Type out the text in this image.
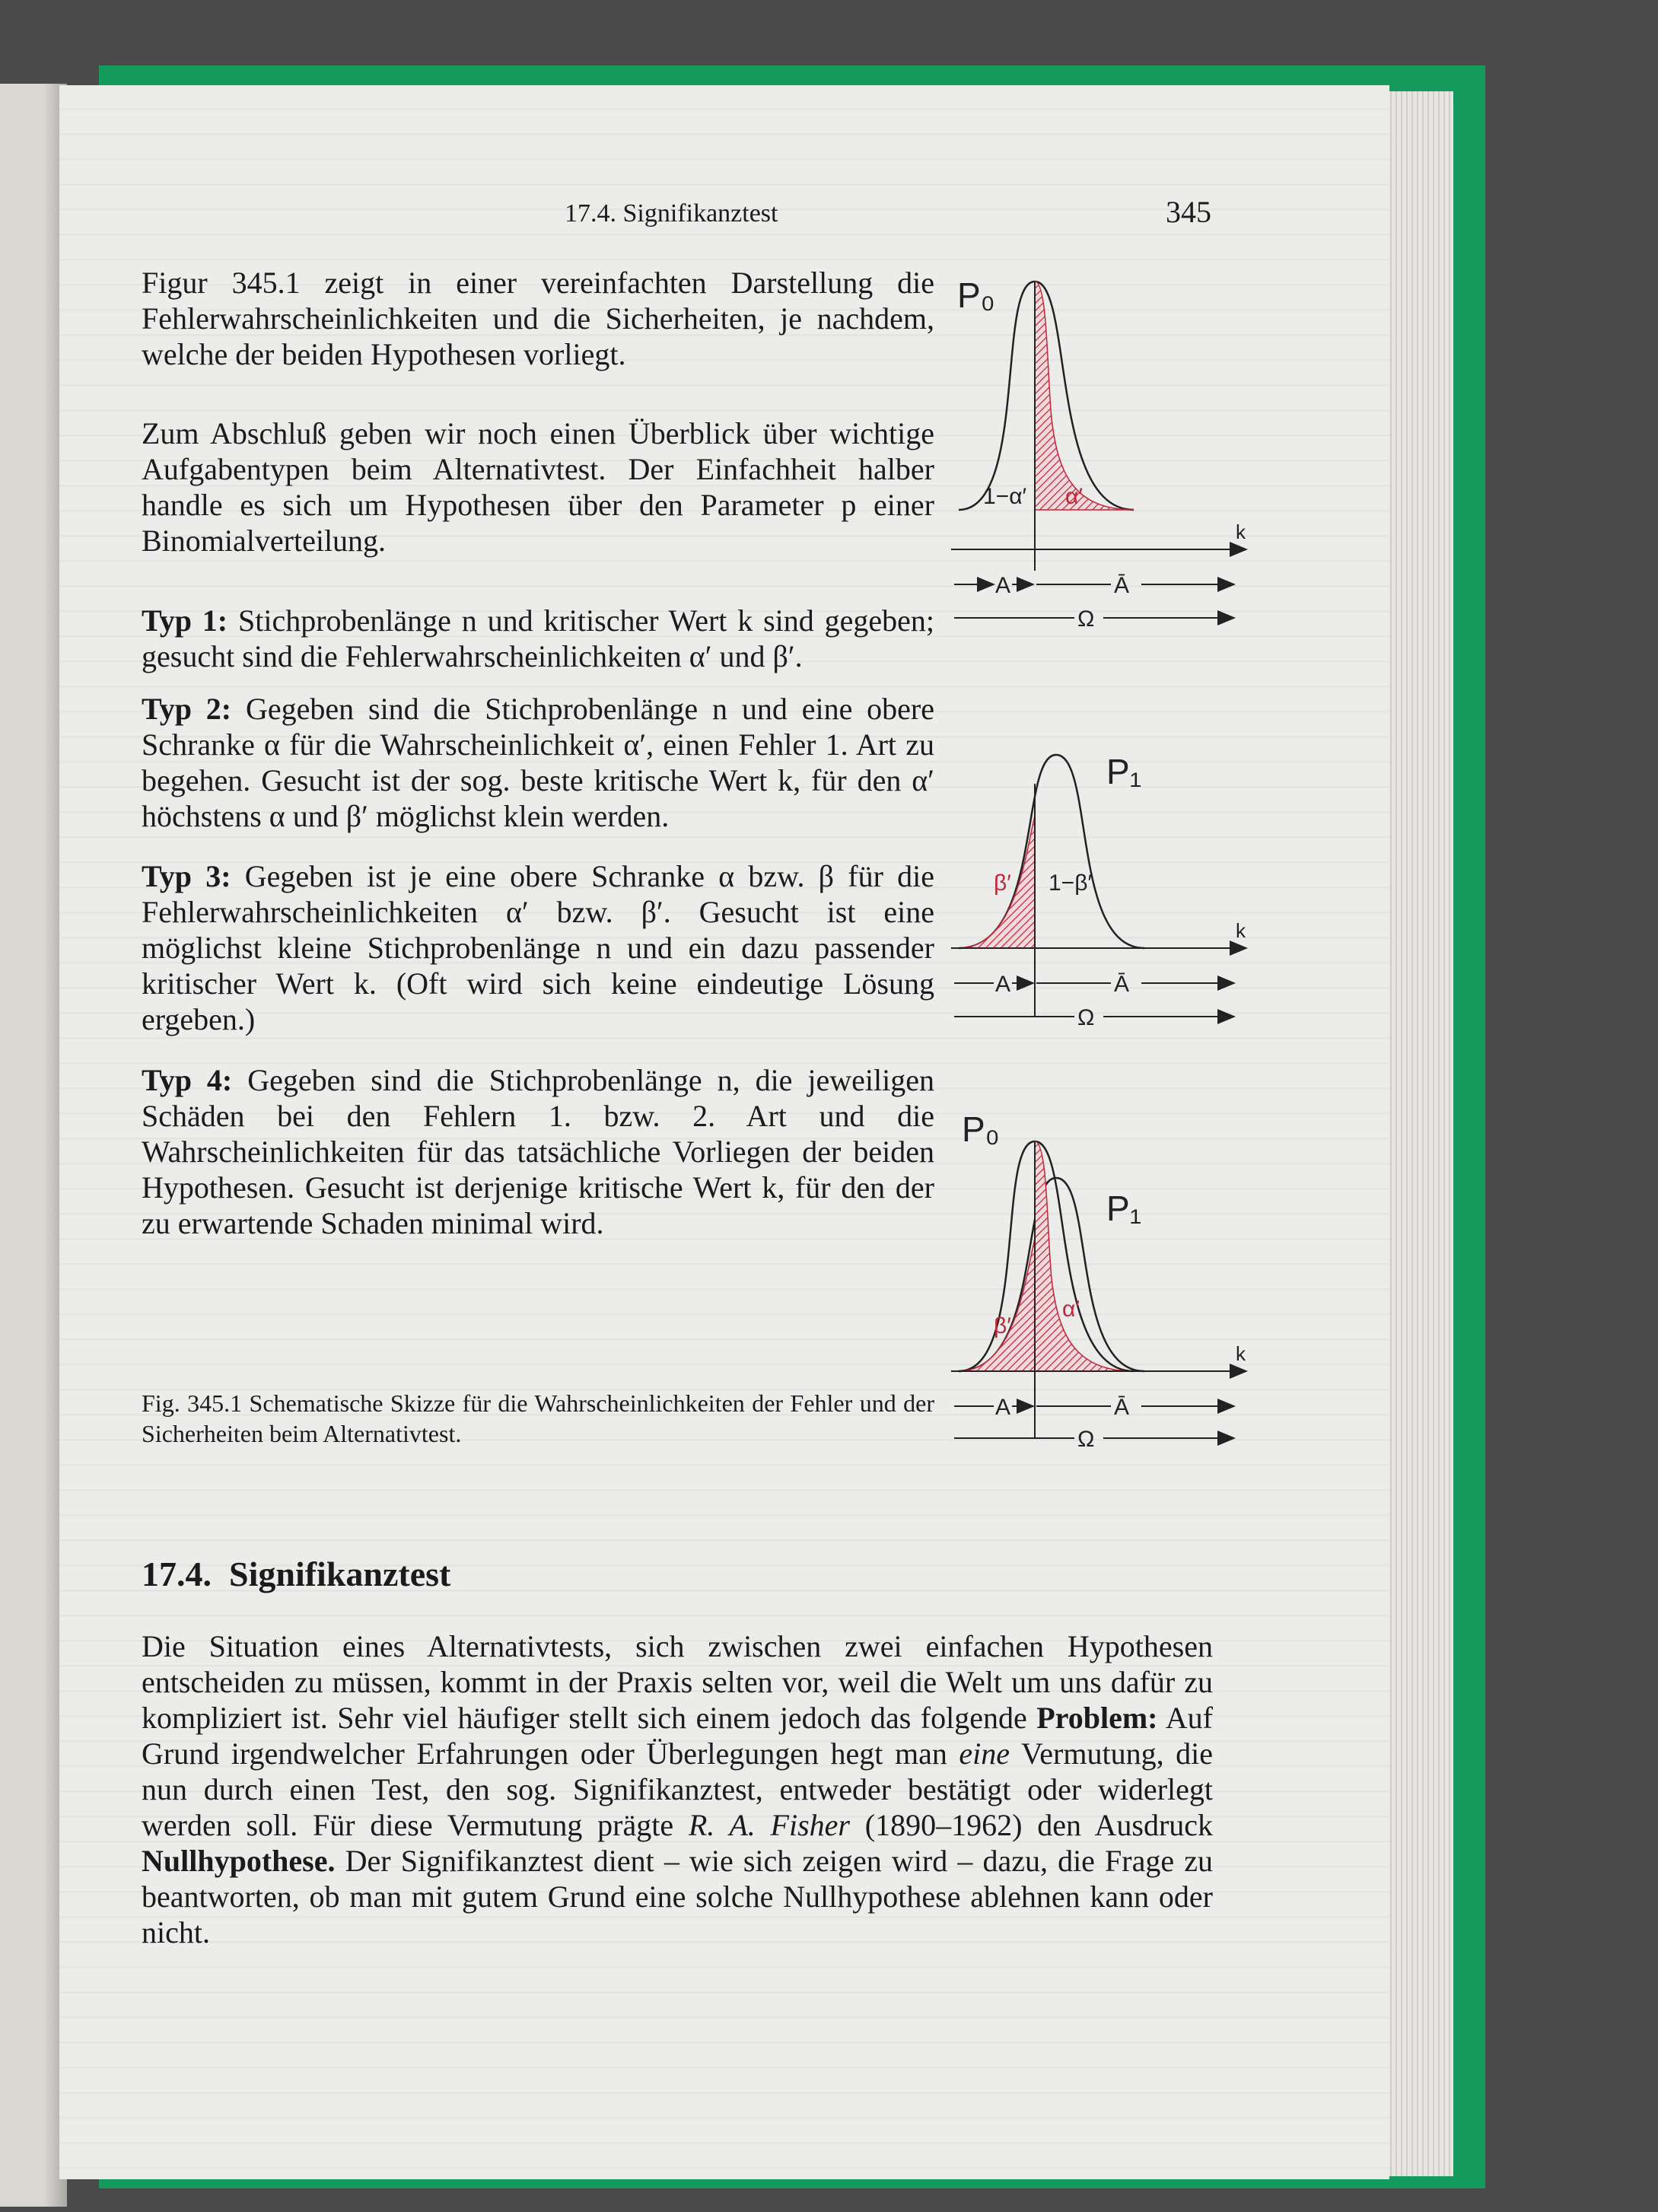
17.4. Signifikanztest	345

Figur 345.1 zeigt in einer vereinfachten Darstellung die Fehlerwahrscheinlichkeiten und die Sicherheiten, je nachdem, welche der beiden Hypothesen vorliegt.

Zum Abschluß geben wir noch einen Überblick über wichtige Aufgabentypen beim Alternativtest. Der Einfachheit halber handle es sich um Hypothesen über den Parameter p einer Binomialverteilung.

Typ 1: Stichprobenlänge n und kritischer Wert k sind gegeben; gesucht sind die Fehlerwahrscheinlichkeiten α′ und β′.

Typ 2: Gegeben sind die Stichprobenlänge n und eine obere Schranke α für die Wahrscheinlichkeit α′, einen Fehler 1. Art zu begehen. Gesucht ist der sog. beste kritische Wert k, für den α′ höchstens α und β′ möglichst klein werden.

Typ 3: Gegeben ist je eine obere Schranke α bzw. β für die Fehlerwahrscheinlichkeiten α′ bzw. β′. Gesucht ist eine möglichst kleine Stichprobenlänge n und ein dazu passender kritischer Wert k. (Oft wird sich keine eindeutige Lösung ergeben.)

Typ 4: Gegeben sind die Stichprobenlänge n, die jeweiligen Schäden bei den Fehlern 1. bzw. 2. Art und die Wahrscheinlichkeiten für das tatsächliche Vorliegen der beiden Hypothesen. Gesucht ist derjenige kritische Wert k, für den der zu erwartende Schaden minimal wird.

Fig. 345.1 Schematische Skizze für die Wahrscheinlichkeiten der Fehler und der Sicherheiten beim Alternativtest.

k
P₀
1−α′ α′
A	Ā
Ω
k
P₁
β′ 1−β′
A	Ā
Ω
k
P₀
P₁
β′
α′
A	Ā
Ω
17.4. Signifikanztest

Die Situation eines Alternativtests, sich zwischen zwei einfachen Hypothesen entscheiden zu müssen, kommt in der Praxis selten vor, weil die Welt um uns dafür zu kompliziert ist. Sehr viel häufiger stellt sich einem jedoch das folgende Problem: Auf Grund irgendwelcher Erfahrungen oder Überlegungen hegt man eine Vermutung, die nun durch einen Test, den sog. Signifikanztest, entweder bestätigt oder widerlegt werden soll. Für diese Vermutung prägte R. A. Fisher (1890–1962) den Ausdruck Nullhypothese. Der Signifikanztest dient – wie sich zeigen wird – dazu, die Frage zu beantworten, ob man mit gutem Grund eine solche Nullhypothese ablehnen kann oder nicht.
